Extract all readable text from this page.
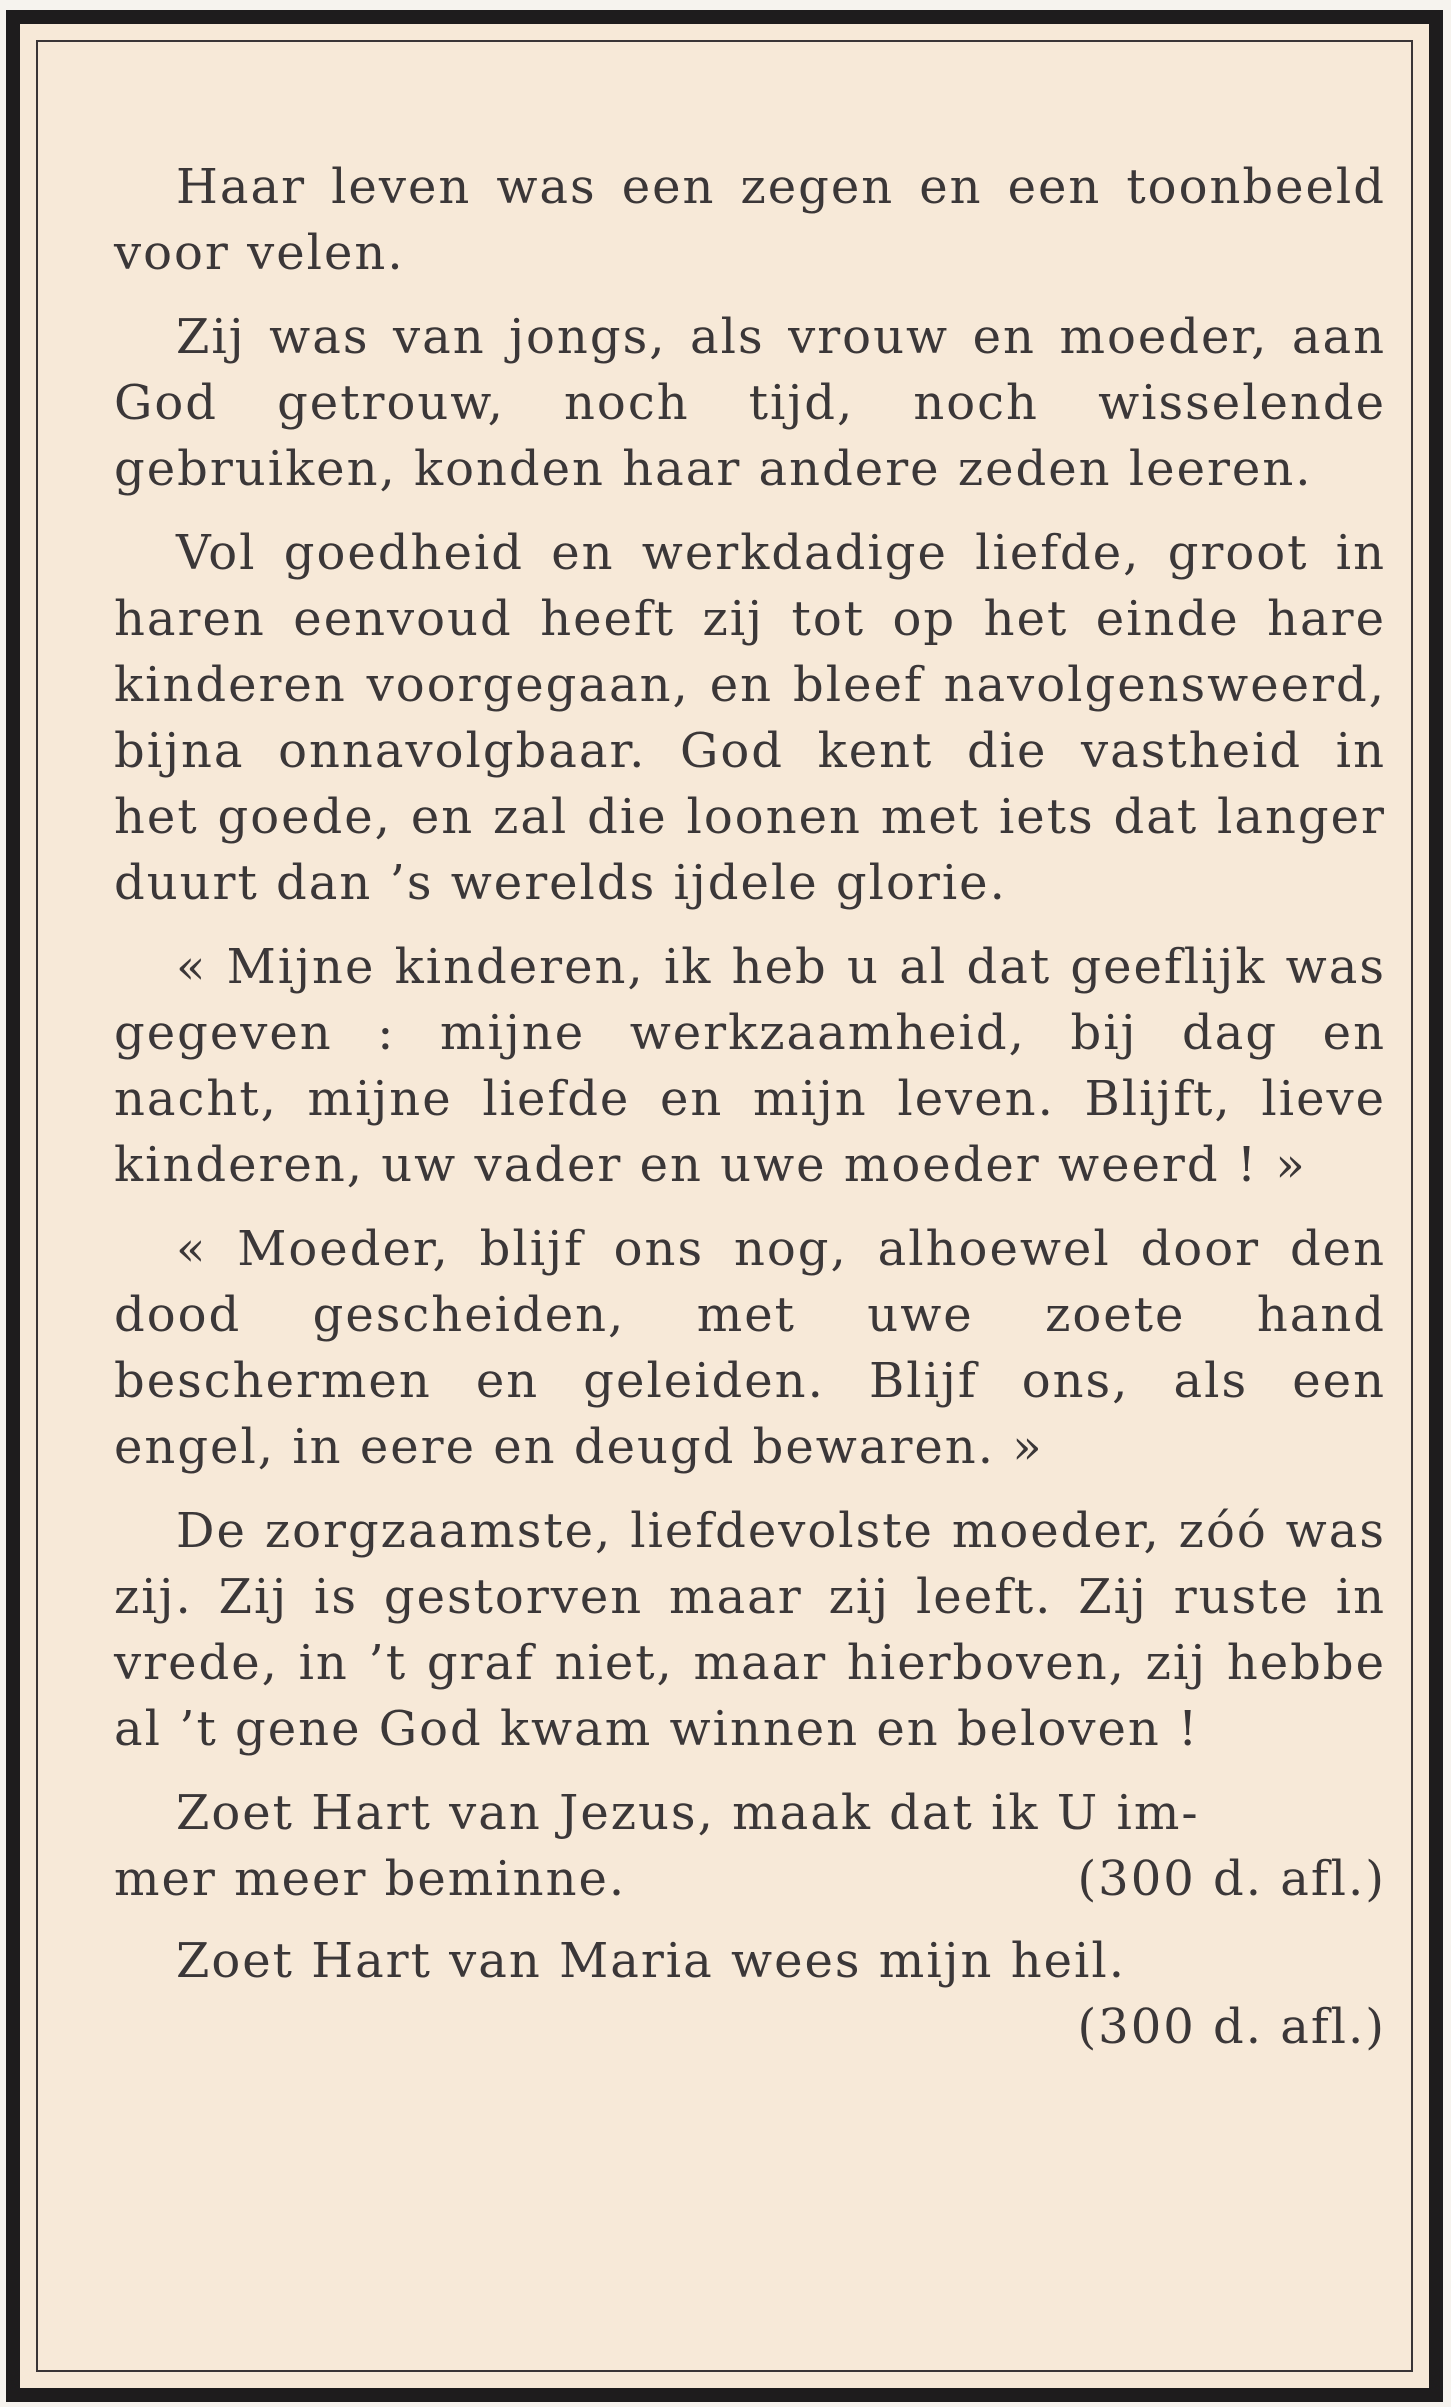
Haar leven was een zegen en een toonbeeld voor velen.

Zij was van jongs, als vrouw en moeder, aan God getrouw, noch tijd, noch wisselende gebruiken, konden haar andere zeden leeren.

Vol goedheid en werkdadige liefde, groot in haren eenvoud heeft zij tot op het einde hare kinderen voorgegaan, en bleef navolgensweerd, bijna onnavolgbaar. God kent die vastheid in het goede, en zal die loonen met iets dat langer duurt dan ’s werelds ijdele glorie.

« Mijne kinderen, ik heb u al dat geeflijk was gegeven : mijne werkzaamheid, bij dag en nacht, mijne liefde en mijn leven. Blijft, lieve kinderen, uw vader en uwe moeder weerd ! »

« Moeder, blijf ons nog, alhoewel door den dood gescheiden, met uwe zoete hand beschermen en geleiden. Blijf ons, als een engel, in eere en deugd bewaren. »

De zorgzaamste, liefdevolste moeder, zóó was zij. Zij is gestorven maar zij leeft. Zij ruste in vrede, in ’t graf niet, maar hierboven, zij hebbe al ’t gene God kwam winnen en beloven !

Zoet Hart van Jezus, maak dat ik U im-
mer meer beminne.	(300 d. afl.)
Zoet Hart van Maria wees mijn heil.
(300 d. afl.)
